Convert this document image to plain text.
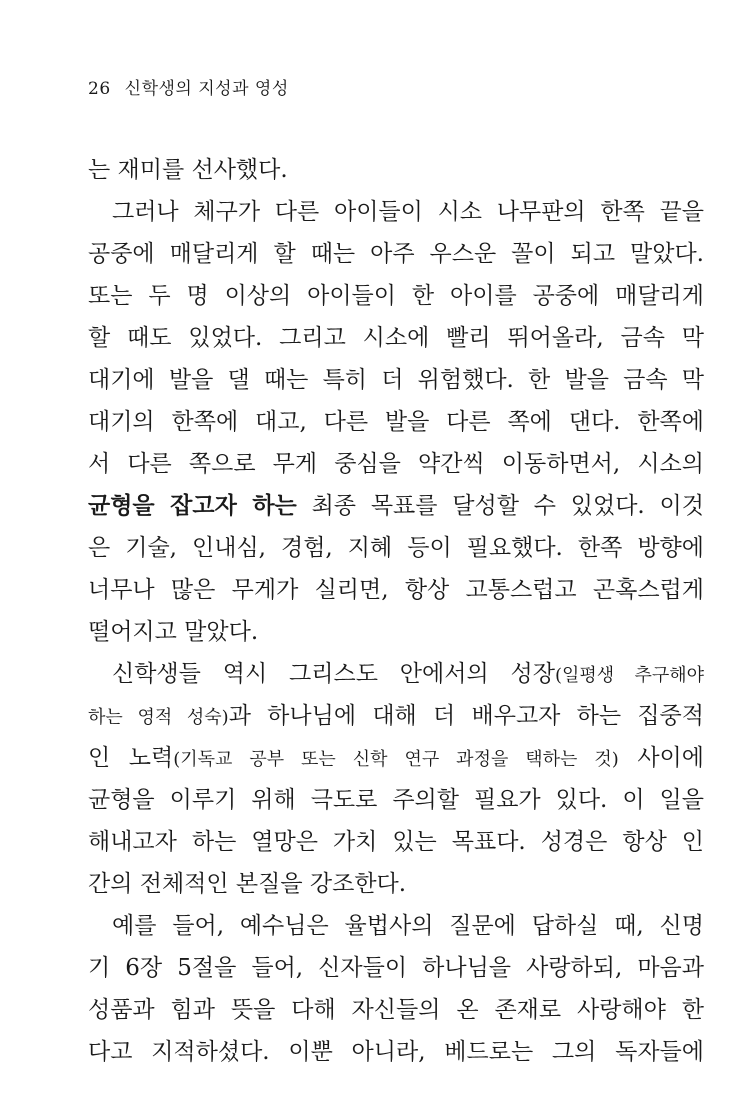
26 신학생의 지성과 영성
는 재미를 선사했다.
그러나 체구가 다른 아이들이 시소 나무판의 한쪽 끝을
공중에 매달리게 할 때는 아주 우스운 꼴이 되고 말았다.
또는 두 명 이상의 아이들이 한 아이를 공중에 매달리게
할 때도 있었다. 그리고 시소에 빨리 뛰어올라, 금속 막
대기에 발을 댈 때는 특히 더 위험했다. 한 발을 금속 막
대기의 한쪽에 대고, 다른 발을 다른 쪽에 댄다. 한쪽에
서 다른 쪽으로 무게 중심을 약간씩 이동하면서, 시소의
균형을 잡고자 하는 최종 목표를 달성할 수 있었다. 이것
은 기술, 인내심, 경험, 지혜 등이 필요했다. 한쪽 방향에
너무나 많은 무게가 실리면, 항상 고통스럽고 곤혹스럽게
떨어지고 말았다.
신학생들 역시 그리스도 안에서의 성장(일평생 추구해야
하는 영적 성숙)과 하나님에 대해 더 배우고자 하는 집중적
인 노력(기독교 공부 또는 신학 연구 과정을 택하는 것) 사이에
균형을 이루기 위해 극도로 주의할 필요가 있다. 이 일을
해내고자 하는 열망은 가치 있는 목표다. 성경은 항상 인
간의 전체적인 본질을 강조한다.
예를 들어, 예수님은 율법사의 질문에 답하실 때, 신명
기 6장 5절을 들어, 신자들이 하나님을 사랑하되, 마음과
성품과 힘과 뜻을 다해 자신들의 온 존재로 사랑해야 한
다고 지적하셨다. 이뿐 아니라, 베드로는 그의 독자들에
